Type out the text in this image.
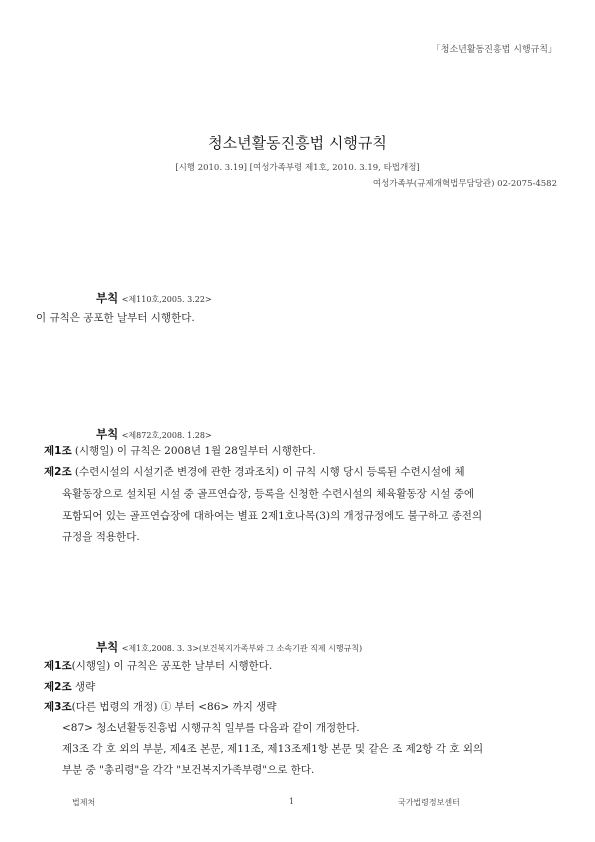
「청소년활동진흥법 시행규칙」
청소년활동진흥법 시행규칙
[시행 2010. 3.19] [여성가족부령 제1호, 2010. 3.19, 타법개정]
여성가족부(규제개혁법무담당관) 02-2075-4582
부칙 <제110호,2005. 3.22>
이 규칙은 공포한 날부터 시행한다.
부칙 <제872호,2008. 1.28>
제1조 (시행일) 이 규칙은 2008년 1월 28일부터 시행한다.
제2조 (수련시설의 시설기준 변경에 관한 경과조치) 이 규칙 시행 당시 등록된 수련시설에 체
육활동장으로 설치된 시설 중 골프연습장, 등록을 신청한 수련시설의 체육활동장 시설 중에
포함되어 있는 골프연습장에 대하여는 별표 2제1호나목(3)의 개정규정에도 불구하고 종전의
규정을 적용한다.
부칙 <제1호,2008. 3. 3>(보건복지가족부와 그 소속기관 직제 시행규칙)
제1조(시행일) 이 규칙은 공포한 날부터 시행한다.
제2조 생략
제3조(다른 법령의 개정) ① 부터 <86> 까지 생략
<87> 청소년활동진흥법 시행규칙 일부를 다음과 같이 개정한다.
제3조 각 호 외의 부분, 제4조 본문, 제11조, 제13조제1항 본문 및 같은 조 제2항 각 호 외의
부분 중 "총리령"을 각각 "보건복지가족부령"으로 한다.
법제처	1	국가법령정보센터
